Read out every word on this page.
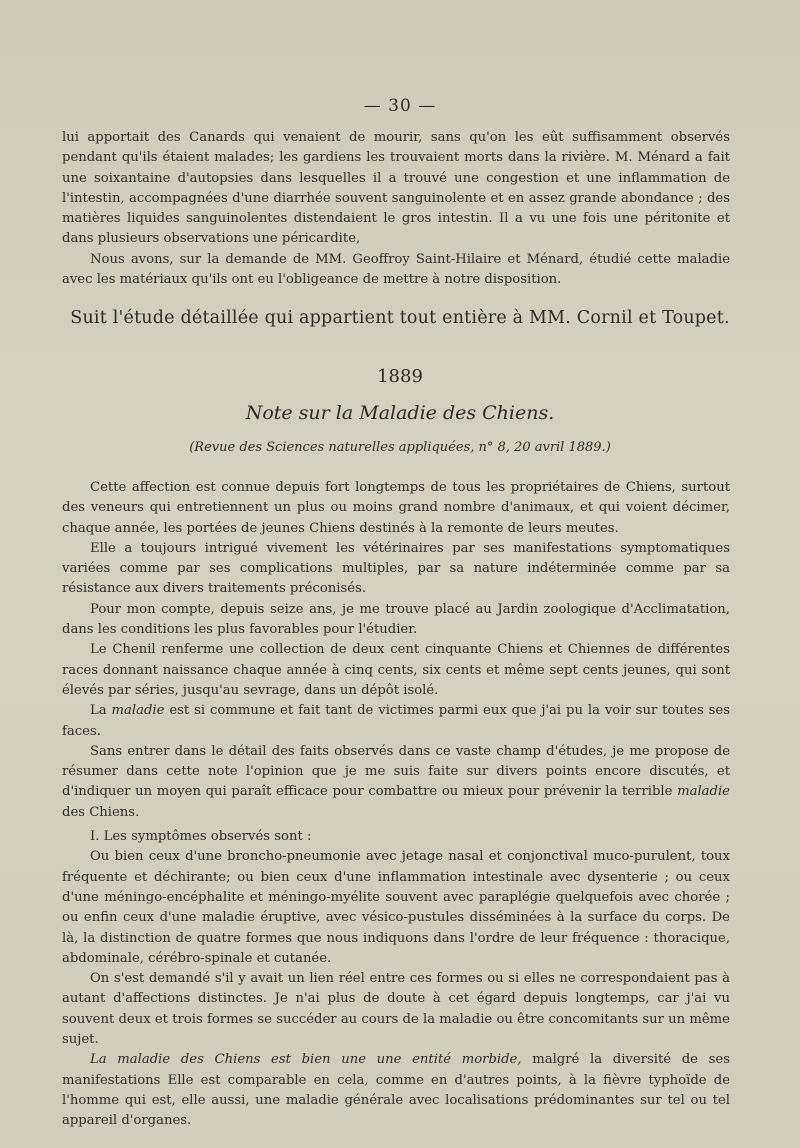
— 30 —

lui apportait des Canards qui venaient de mourir, sans qu'on les eût suffisamment observés pendant qu'ils étaient malades; les gardiens les trouvaient morts dans la rivière. M. Ménard a fait une soixantaine d'autopsies dans lesquelles il a trouvé une congestion et une inflammation de l'intestin, accompagnées d'une diarrhée souvent sanguinolente et en assez grande abondance ; des matières liquides sanguinolentes distendaient le gros intestin. Il a vu une fois une péritonite et dans plusieurs observations une péricardite,

Nous avons, sur la demande de MM. Geoffroy Saint-Hilaire et Ménard, étudié cette maladie avec les matériaux qu'ils ont eu l'obligeance de mettre à notre disposition.

Suit l'étude détaillée qui appartient tout entière à MM. Cornil et Toupet.
1889
Note sur la Maladie des Chiens.
(Revue des Sciences naturelles appliquées, n° 8, 20 avril 1889.)

Cette affection est connue depuis fort longtemps de tous les propriétaires de Chiens, surtout des veneurs qui entretiennent un plus ou moins grand nombre d'animaux, et qui voient décimer, chaque année, les portées de jeunes Chiens destinés à la remonte de leurs meutes.

Elle a toujours intrigué vivement les vétérinaires par ses manifestations symptomatiques variées comme par ses complications multiples, par sa nature indéterminée comme par sa résistance aux divers traitements préconisés.

Pour mon compte, depuis seize ans, je me trouve placé au Jardin zoologique d'Acclimatation, dans les conditions les plus favorables pour l'étudier.

Le Chenil renferme une collection de deux cent cinquante Chiens et Chiennes de différentes races donnant naissance chaque année à cinq cents, six cents et même sept cents jeunes, qui sont élevés par séries, jusqu'au sevrage, dans un dépôt isolé.

La maladie est si commune et fait tant de victimes parmi eux que j'ai pu la voir sur toutes ses faces.

Sans entrer dans le détail des faits observés dans ce vaste champ d'études, je me propose de résumer dans cette note l'opinion que je me suis faite sur divers points encore discutés, et d'indiquer un moyen qui paraît efficace pour combattre ou mieux pour prévenir la terrible maladie des Chiens.

I. Les symptômes observés sont :

Ou bien ceux d'une broncho-pneumonie avec jetage nasal et conjonctival muco-purulent, toux fréquente et déchirante; ou bien ceux d'une inflammation intestinale avec dysenterie ; ou ceux d'une méningo-encéphalite et méningo-myélite souvent avec paraplégie quelquefois avec chorée ; ou enfin ceux d'une maladie éruptive, avec vésico-pustules disséminées à la surface du corps. De là, la distinction de quatre formes que nous indiquons dans l'ordre de leur fréquence : thoracique, abdominale, cérébro-spinale et cutanée.

On s'est demandé s'il y avait un lien réel entre ces formes ou si elles ne correspondaient pas à autant d'affections distinctes. Je n'ai plus de doute à cet égard depuis longtemps, car j'ai vu souvent deux et trois formes se succéder au cours de la maladie ou être concomitants sur un même sujet.

La maladie des Chiens est bien une une entité morbide, malgré la diversité de ses manifestations Elle est comparable en cela, comme en d'autres points, à la fièvre typhoïde de l'homme qui est, elle aussi, une maladie générale avec localisations prédominantes sur tel ou tel appareil d'organes.
